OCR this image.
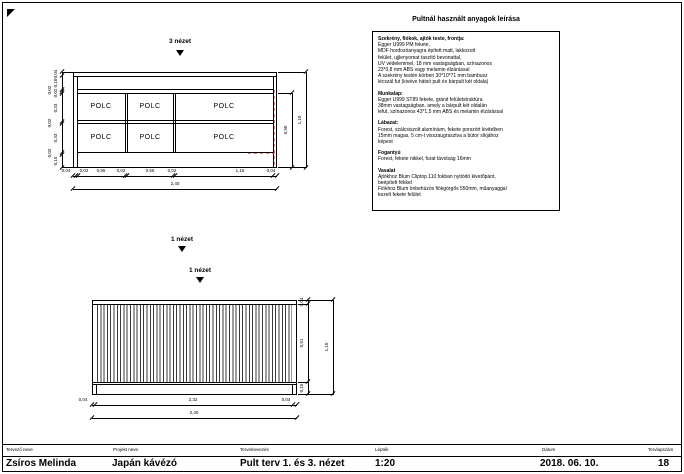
3 nézet
POLC	POLC	POLC
POLC	POLC	POLC
0,04
0,16
0,02 0,02
0,33
0,02
0,33
0,02
0,15
0,90
1,10
0,04	0,02	0,55	0,02	0,55	0,02	1,16	0,04
2,40
1 nézet
1 nézet
0,04
0,91
0,15
1,10
0,04	2,32	0,04
2,40
Pultnál használt anyagok leírása
Szekrény, fiókok, ajtók teste, frontja:
Egger U999 PM fekete,
MDF hordozóanyagra épített matt, lakkozott
felület, ujjlenyomat taszító bevonattal,
UV védelemmel, 18 mm vastagságban, színazonos
23*0,8 mm ABS vagy melamin élzárással
A szekrény testén körben 30*10*71 mm bambusz
lécszál fut (kivéve hátsó pult és bárpult két oldala)
Munkalap:
Egger U999 ST89 fekete, gránit felületstruktúra
38mm vastagságban, amely a bárpult két oldalán
lefut, színazonos 43*1,5 mm ABS és melamin élzárással
Lábazat:
Forest, szálcsiszolt alumínium, fekete porszórt kivitelben
15mm magas, 5 cm-t visszaugrasztva a bútor síkjához
képest
Fogantyú
Forest, fekete nikkel, furat távolság 16mm
Vasalat
Ajtókhoz Blum Cliptop 110 fokban nyitódó kivetőpánt,
beépített fékkel
Fiókhoz Blum önbehúzós fiókgörgős 550mm, műanyaggal
kezelt fekete felület
Tervező neve	Projekt neve	Tervelnevezés	Lépték	Dátum	Tervlapszám
Zsíros Melinda	Japán kávézó	Pult terv 1. és 3. nézet	1:20	2018. 06. 10.	18
